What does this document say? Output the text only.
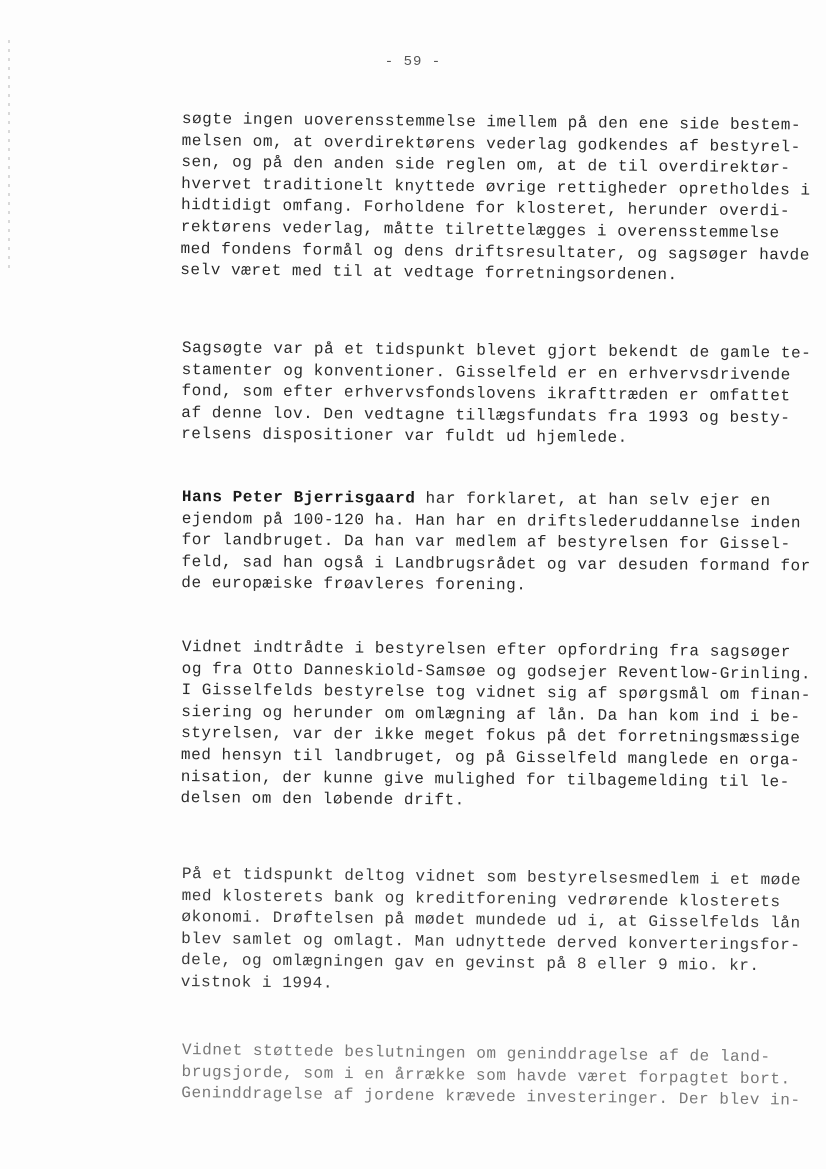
- 59 -
søgte ingen uoverensstemmelse imellem på den ene side bestem-
melsen om, at overdirektørens vederlag godkendes af bestyrel-
sen, og på den anden side reglen om, at de til overdirektør-
hvervet traditionelt knyttede øvrige rettigheder opretholdes i
hidtidigt omfang. Forholdene for klosteret, herunder overdi-
rektørens vederlag, måtte tilrettelægges i overensstemmelse
med fondens formål og dens driftsresultater, og sagsøger havde
selv været med til at vedtage forretningsordenen.
Sagsøgte var på et tidspunkt blevet gjort bekendt de gamle te-
stamenter og konventioner. Gisselfeld er en erhvervsdrivende
fond, som efter erhvervsfondslovens ikrafttræden er omfattet
af denne lov. Den vedtagne tillægsfundats fra 1993 og besty-
relsens dispositioner var fuldt ud hjemlede.
Hans Peter Bjerrisgaard har forklaret, at han selv ejer en
ejendom på 100-120 ha. Han har en driftslederuddannelse inden
for landbruget. Da han var medlem af bestyrelsen for Gissel-
feld, sad han også i Landbrugsrådet og var desuden formand for
de europæiske frøavleres forening.
Vidnet indtrådte i bestyrelsen efter opfordring fra sagsøger
og fra Otto Danneskiold-Samsøe og godsejer Reventlow-Grinling.
I Gisselfelds bestyrelse tog vidnet sig af spørgsmål om finan-
siering og herunder om omlægning af lån. Da han kom ind i be-
styrelsen, var der ikke meget fokus på det forretningsmæssige
med hensyn til landbruget, og på Gisselfeld manglede en orga-
nisation, der kunne give mulighed for tilbagemelding til le-
delsen om den løbende drift.
På et tidspunkt deltog vidnet som bestyrelsesmedlem i et møde
med klosterets bank og kreditforening vedrørende klosterets
økonomi. Drøftelsen på mødet mundede ud i, at Gisselfelds lån
blev samlet og omlagt. Man udnyttede derved konverteringsfor-
dele, og omlægningen gav en gevinst på 8 eller 9 mio. kr.
vistnok i 1994.
Vidnet støttede beslutningen om geninddragelse af de land-
brugsjorde, som i en årrække som havde været forpagtet bort.
Geninddragelse af jordene krævede investeringer. Der blev in-
